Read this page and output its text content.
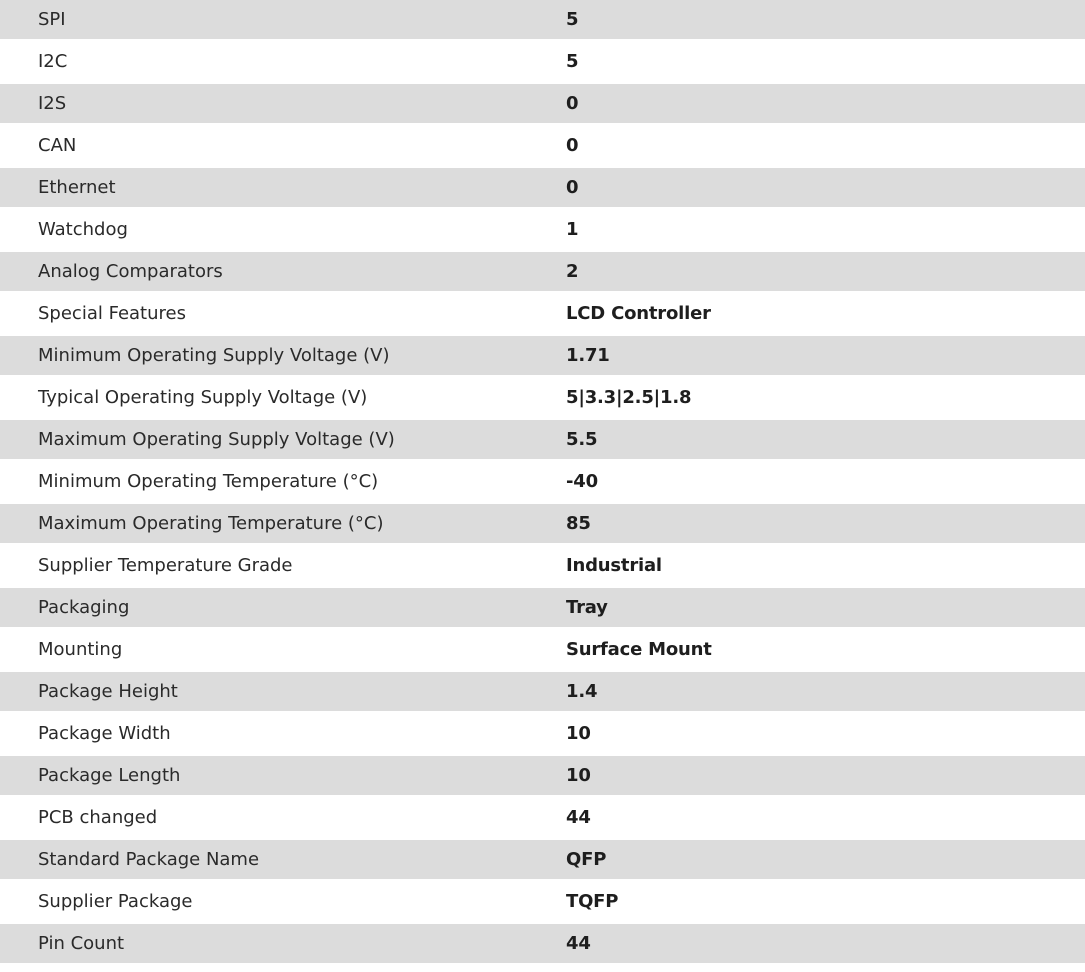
SPI	5
I2C	5
I2S	0
CAN	0
Ethernet	0
Watchdog	1
Analog Comparators	2
Special Features	LCD Controller
Minimum Operating Supply Voltage (V)	1.71
Typical Operating Supply Voltage (V)	5|3.3|2.5|1.8
Maximum Operating Supply Voltage (V)	5.5
Minimum Operating Temperature (°C)	-40
Maximum Operating Temperature (°C)	85
Supplier Temperature Grade	Industrial
Packaging	Tray
Mounting	Surface Mount
Package Height	1.4
Package Width	10
Package Length	10
PCB changed	44
Standard Package Name	QFP
Supplier Package	TQFP
Pin Count	44
